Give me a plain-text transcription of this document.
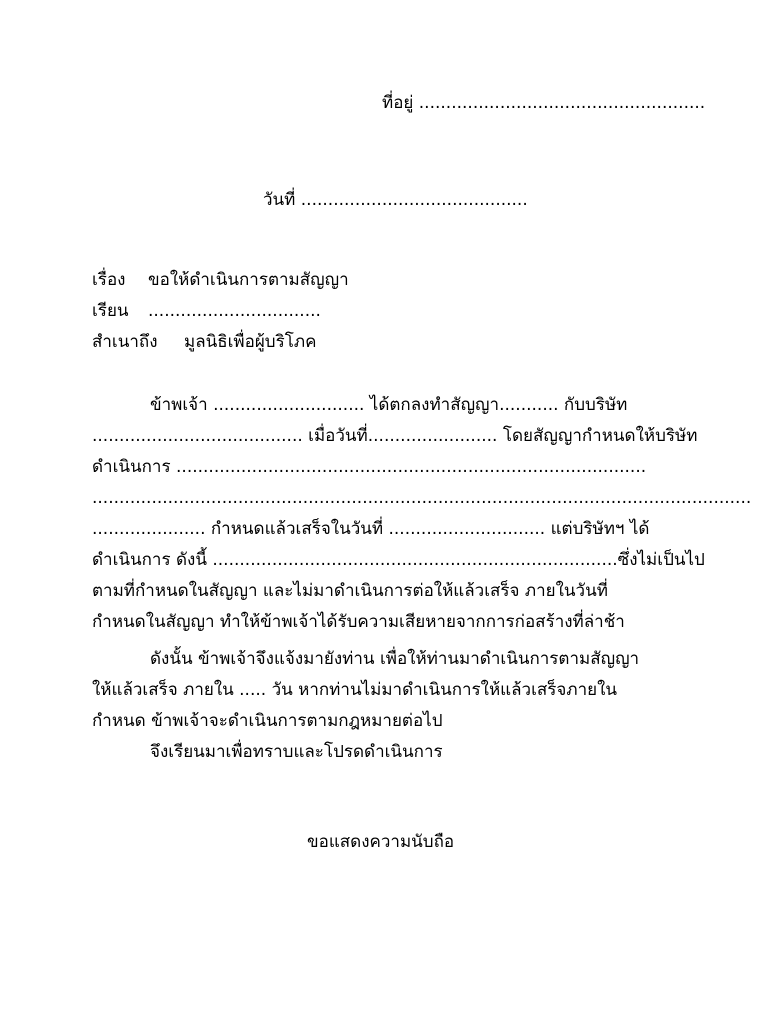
ที่อยู่ .....................................................
วันที่ ..........................................
เรื่อง ขอให้ดำเนินการตามสัญญา
เรียน ................................
สำเนาถึง มูลนิธิเพื่อผู้บริโภค
ข้าพเจ้า ............................ ได้ตกลงทำสัญญา........... กับบริษัท
....................................... เมื่อวันที่........................ โดยสัญญากำหนดให้บริษัท
ดำเนินการ .......................................................................................
..........................................................................................................................
..................... กำหนดแล้วเสร็จในวันที่ ............................. แต่บริษัทฯ ได้
ดำเนินการ ดังนี้ ...........................................................................ซึ่งไม่เป็นไป
ตามที่กำหนดในสัญญา และไม่มาดำเนินการต่อให้แล้วเสร็จ ภายในวันที่
กำหนดในสัญญา ทำให้ข้าพเจ้าได้รับความเสียหายจากการก่อสร้างที่ล่าช้า
ดังนั้น ข้าพเจ้าจึงแจ้งมายังท่าน เพื่อให้ท่านมาดำเนินการตามสัญญา
ให้แล้วเสร็จ ภายใน ..... วัน หากท่านไม่มาดำเนินการให้แล้วเสร็จภายใน
กำหนด ข้าพเจ้าจะดำเนินการตามกฎหมายต่อไป
จึงเรียนมาเพื่อทราบและโปรดดำเนินการ
ขอแสดงความนับถือ
